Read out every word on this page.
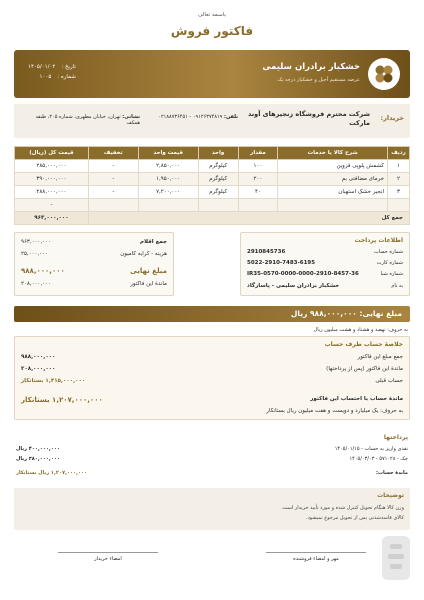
باسمه تعالی
فاکتور فروش
خشکبار برادران سلیمی
عرضه مستقیم آجیل و خشکبار درجه یک
تاریخ :
۱۴۰۵/۰۱/۰۲
شماره :
۱۰۰۵
خریدار:
شرکت محترم فروشگاه زنجیرهای آوند مارکت
تلفن: ۰۹۱۲۶۳۷۴۸۱۹ - ۰۲۱۸۸۷۳۶۴۵۱
نشانی: تهران، خیابان مطهری، شماره ۲۰۵، طبقه همکف
ردیف	شرح کالا یا خدمات	مقدار	واحد	قیمت واحد	تخفیف	قیمت کل (ریال)
۱	کشمش پلوپی قزوین	۱۰۰	کیلوگرم	۲,۸۵۰,۰۰۰	-	۲۸۵,۰۰۰,۰۰۰
۲	خرمای مضافتی بم	۲۰۰	کیلوگرم	۱,۹۵۰,۰۰۰	-	۳۹۰,۰۰۰,۰۰۰
۳	انجیر خشک استهبان	۴۰	کیلوگرم	۷,۲۰۰,۰۰۰	-	۲۸۸,۰۰۰,۰۰۰
						-
جمع کل						۹۶۳,۰۰۰,۰۰۰
جمع اقلام
۹۶۳,۰۰۰,۰۰۰
هزینه - کرایه کامیون
۲۵,۰۰۰,۰۰۰
مبلغ نهایی
۹۸۸,۰۰۰,۰۰۰
ماندهٔ این فاکتور
۲۰۸,۰۰۰,۰۰۰
اطلاعات پرداخت
شماره حساب
2910845736
شماره کارت
5022-2910-7483-6195
شماره شبا
IR35-0570-0000-0000-2910-8457-36
به نام
خشکبار برادران سلیمی - پاسارگاد
مبلغ نهایی: ۹۸۸,۰۰۰,۰۰۰ ریال
به حروف: نهصد و هشتاد و هشت میلیون ریال
خلاصهٔ حساب طرف حساب
جمع مبلغ این فاکتور
۹۸۸,۰۰۰,۰۰۰
ماندهٔ این فاکتور (پس از پرداختها)
۲۰۸,۰۰۰,۰۰۰
حساب قبلی
۱,۴۱۵,۰۰۰,۰۰۰ بستانکار
ماندهٔ حساب با احتساب این فاکتور
۱,۲۰۷,۰۰۰,۰۰۰ بستانکار
به حروف: یک میلیارد و دویست و هفت میلیون ریال بستانکار
پرداختها
نقدی واریز به حساب - ۱۴۰۵/۰۱/۱۵
۴۰۰,۰۰۰,۰۰۰ ریال
چک - ۵۷۱۰۲۸ - ۱۴۰۵/۰۳/۰۳
۳۸۰,۰۰۰,۰۰۰ ریال
ماندهٔ حساب:
۱,۲۰۷,۰۰۰,۰۰۰ ریال بستانکار
توضیحات
وزن کالا هنگام تحویل کنترل شده و مورد تأیید خریدار است.
کالای فاسدشدنی پس از تحویل مرجوع نمیشود.
مهر و امضاء فروشنده
امضاء خریدار
